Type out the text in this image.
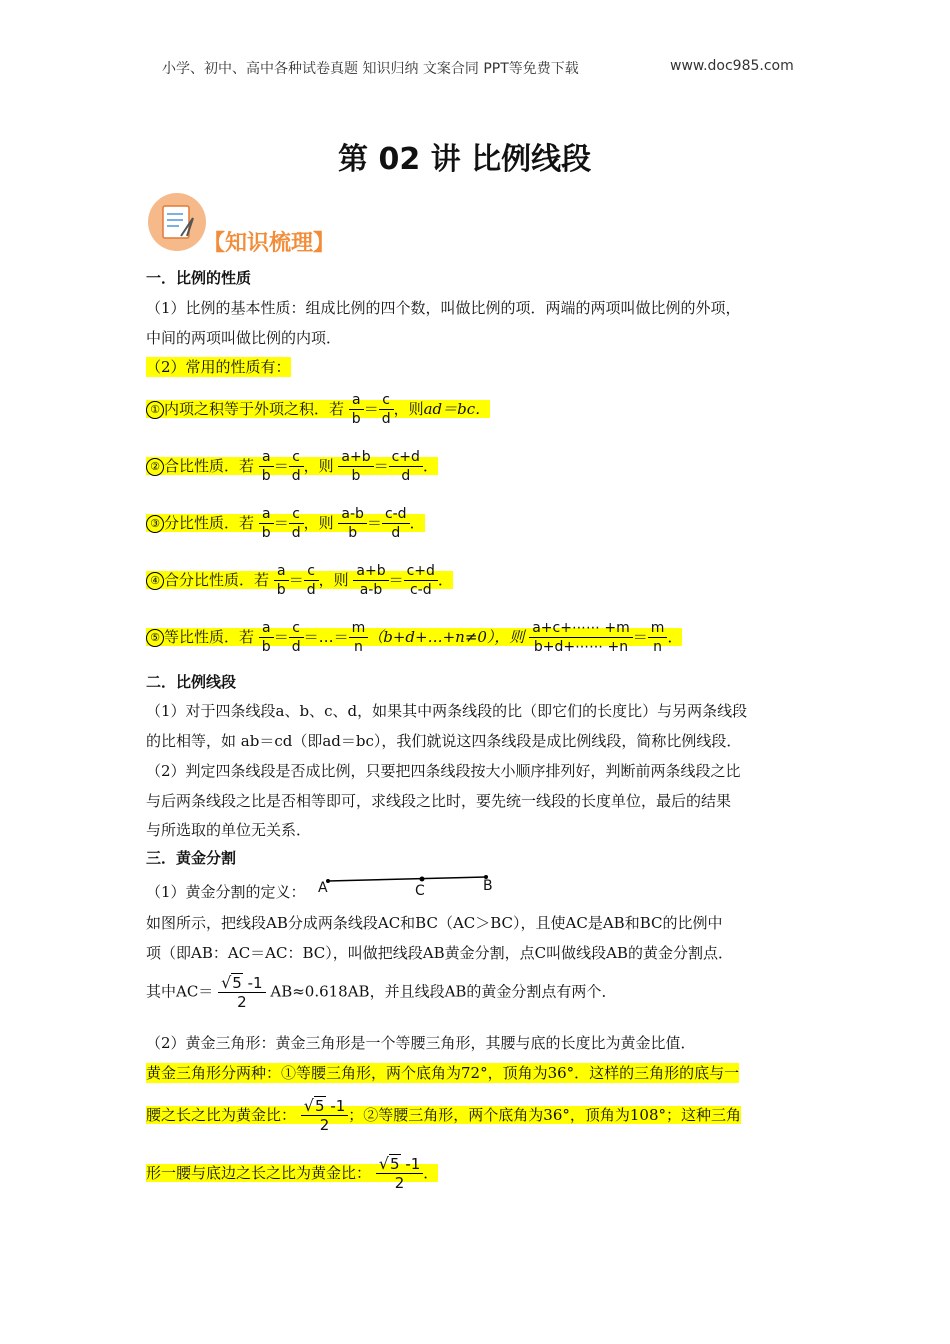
小学、初中、高中各种试卷真题 知识归纳 文案合同 PPT等免费下载	www.doc985.com
第 02 讲 比例线段
【知识梳理】
一．比例的性质
（1）比例的基本性质：组成比例的四个数，叫做比例的项．两端的两项叫做比例的外项，
中间的两项叫做比例的内项．
（2）常用的性质有：
① 内项之积等于外项之积．若 $\frac{a}{b} = \frac{c}{d}$ ，则ad＝bc．
② 合比性质．若 $\frac{a}{b} = \frac{c}{d}$ ，则 $\frac{a+b}{b} = \frac{c+d}{d}$ ．
③ 分比性质．若 $\frac{a}{b} = \frac{c}{d}$ ，则 $\frac{a-b}{b} = \frac{c-d}{d}$ ．
④ 合分比性质．若 $\frac{a}{b} = \frac{c}{d}$ ，则 $\frac{a+b}{a-b} = \frac{c+d}{c-d}$ ．
⑤ 等比性质．若 $\frac{a}{b} = \frac{c}{d}$ ＝…＝ $\frac{m}{n}$ （b+d+…+n≠0），则 $\frac{a+c+\cdots\cdots +m}{b+d+\cdots\cdots +n} = \frac{m}{n}$ ．
二．比例线段
（1）对于四条线段a、b、c、d，如果其中两条线段的比（即它们的长度比）与另两条线段
的比相等，如 ab＝cd（即ad＝bc），我们就说这四条线段是成比例线段，简称比例线段．
（2）判定四条线段是否成比例，只要把四条线段按大小顺序排列好，判断前两条线段之比
与后两条线段之比是否相等即可，求线段之比时，要先统一线段的长度单位，最后的结果
与所选取的单位无关系．
三．黄金分割
（1）黄金分割的定义： A	C	B
如图所示，把线段AB分成两条线段AC和BC（AC＞BC），且使AC是AB和BC的比例中
项（即AB：AC＝AC：BC），叫做把线段AB黄金分割，点C叫做线段AB的黄金分割点．
其中$AC= \frac{√5 -1}{2} AB\approx 0.618AB$，并且线段AB的黄金分割点有两个．
（2）黄金三角形：黄金三角形是一个等腰三角形，其腰与底的长度比为黄金比值．
黄金三角形分两种：①等腰三角形，两个底角为72°，顶角为36°．这样的三角形的底与一
腰之长之比为黄金比： $\frac{√5 -1}{2}$ ；②等腰三角形，两个底角为36°，顶角为108°；这种三角
形一腰与底边之长之比为黄金比： $\frac{√5 -1}{2}$ ．
